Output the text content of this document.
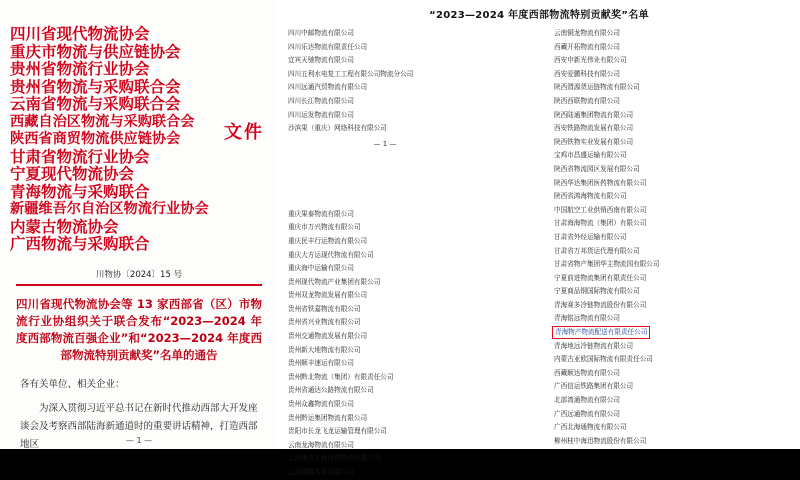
四川省现代物流协会
重庆市物流与供应链协会
贵州省物流行业协会
贵州省物流与采购联合会
云南省物流与采购联合会
西藏自治区物流与采购联合会
陕西省商贸物流供应链协会
甘肃省物流行业协会
宁夏现代物流协会
青海物流与采购联合
新疆维吾尔自治区物流行业协会
内蒙古物流协会
广西物流与采购联合
文件
川物协〔2024〕15 号
四川省现代物流协会等 13 家西部省（区）市物流行业协组织关于联合发布“2023—2024 年度西部物流百强企业”和“2023—2024 年度西部物流特别贡献奖”名单的通告

各有关单位、相关企业：

为深入贯彻习近平总书记在新时代推动西部大开发座谈会及考察西部陆海新通道时的重要讲话精神，打造西部地区	— 1 —
“2023—2024 年度西部物流特别贡献奖”名单
四川中邮物流有限公司
四川乐达物流有限责任公司
宜宾天驰物流有限公司
四川五利水电复工工程有限公司物流分公司
四川远通汽贸物流有限公司
四川长江物流有限公司
四川运发物流有限公司
沙滨果（重庆）网络科技有限公司
— 1 —
重庆果泰物流有限公司
重庆市万兴物流有限公司
重庆民丰行运物流有限公司
重庆大方运现代物流有限公司
重庆海中运输有限公司
贵州现代物流产业集团有限公司
贵州双龙物流发展有限公司
贵州省铁嘉物流有限公司
贵州省兴业物流有限公司
贵州交通物流发展有限公司
贵州新大地物流有限公司
贵州顺丰速运有限公司
贵州黔北物流（集团）有限责任公司
贵州省通达公路物流有限公司
贵州众鑫物流有限公司
贵州黔运集团物流有限公司
贵阳市长龙飞龙运输管理有限公司
云南龙海物流有限公司
云南南方工程冷链物流有限公司
云南福腾实业有限公司
云南铜龙物流有限公司
西藏开拓物流有限公司
西安申新光伟业有限公司
西安爱鹏科技有限公司
陕西渭源货运链物流有限公司
陕西西联物流有限公司
陕西陆通集团物流有限公司
西安铁路物流发展有限公司
陕西铁物实业发展有限公司
宝鸡市昌盛运输有限公司
陕西省物流园区发展有限公司
陕西华达集团医药物流有限公司
陕西省鸿海物流有限公司
中国航空工业供销西南有限公司
甘肃海海物流（集团）有限公司
甘肃省外经运输有限公司
甘肃省万邦货运代理有限公司
甘肃省物产集团华主物流园有限公司
宁夏前进物流集团有限责任公司
宁夏商品钢国际物流有限公司
青海赛多冷链物流股份有限公司
青海铭远物流有限公司
青海物产物流配送有限责任公司
青海地远冷链物流有限公司
内蒙古亚欧国际物流有限责任公司
西藏顺达物流有限公司
广西信运铁路集团有限公司
北部湾通物流有限公司
广西远通物流有限公司
广西北海通物流有限公司
柳州桂中海迅物流股份有限公司
